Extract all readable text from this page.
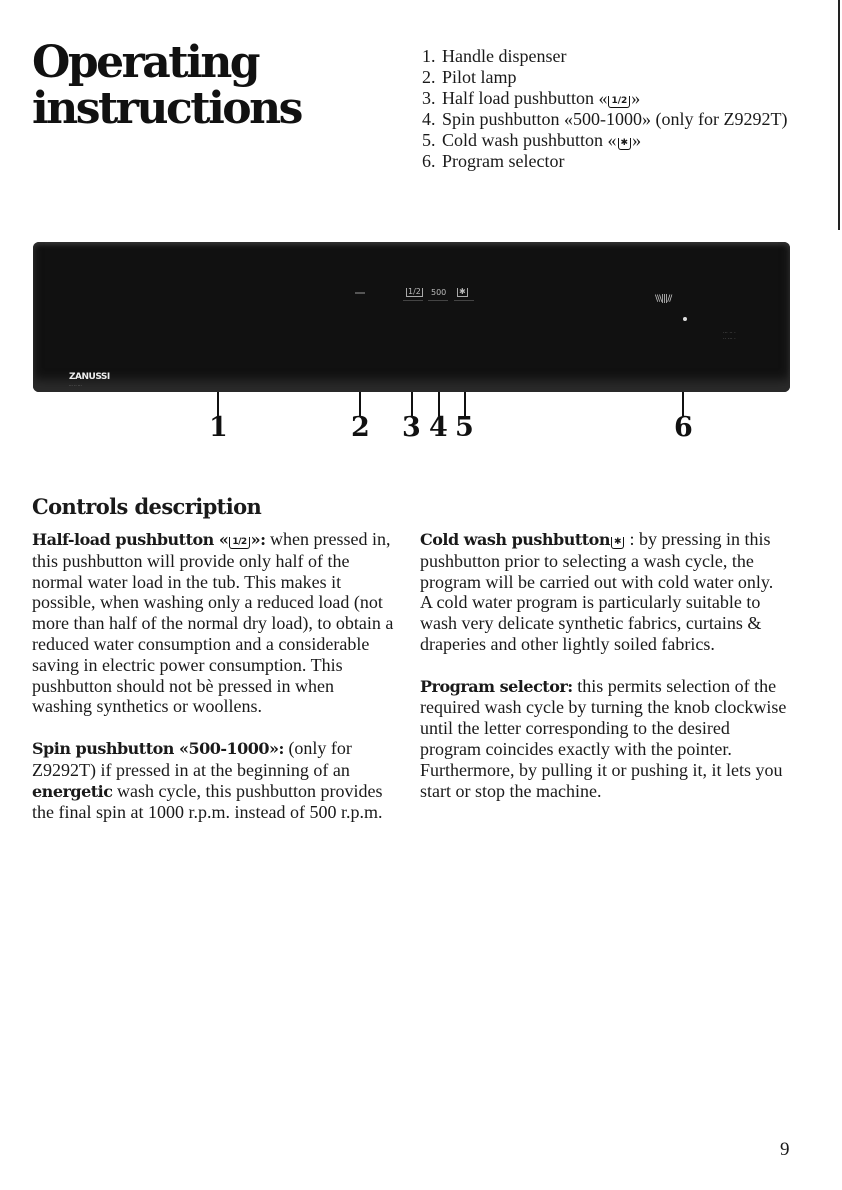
Operating
instructions
1. Handle dispenser
2. Pilot lamp
3. Half load pushbutton « 1/2 »
4. Spin pushbutton «500-1000» (only for Z9292T)
5. Cold wash pushbutton « ✱ »
6. Program selector
1/2 500 ✱
\\\|||//
··· ·· ·
·· ··· ·
ZANUSSI
··· ·· ···
1	2 3 4 5	6
Controls description

Half-load pushbutton « 1/2 »: when pressed in, this pushbutton will provide only half of the normal water load in the tub. This makes it possible, when washing only a reduced load (not more than half of the normal dry load), to obtain a reduced water consumption and a considerable saving in electric power consumption. This pushbutton should not bè pressed in when washing synthetics or woollens.

Spin pushbutton «500-1000»: (only for Z9292T) if pressed in at the beginning of an energetic wash cycle, this pushbutton provides the final spin at 1000 r.p.m. instead of 500 r.p.m.

Cold wash pushbutton ✱ : by pressing in this pushbutton prior to selecting a wash cycle, the program will be carried out with cold water only.

A cold water program is particularly suitable to wash very delicate synthetic fabrics, curtains & draperies and other lightly soiled fabrics.

Program selector: this permits selection of the required wash cycle by turning the knob clockwise until the letter corresponding to the desired program coincides exactly with the pointer. Furthermore, by pulling it or pushing it, it lets you start or stop the machine.

9
